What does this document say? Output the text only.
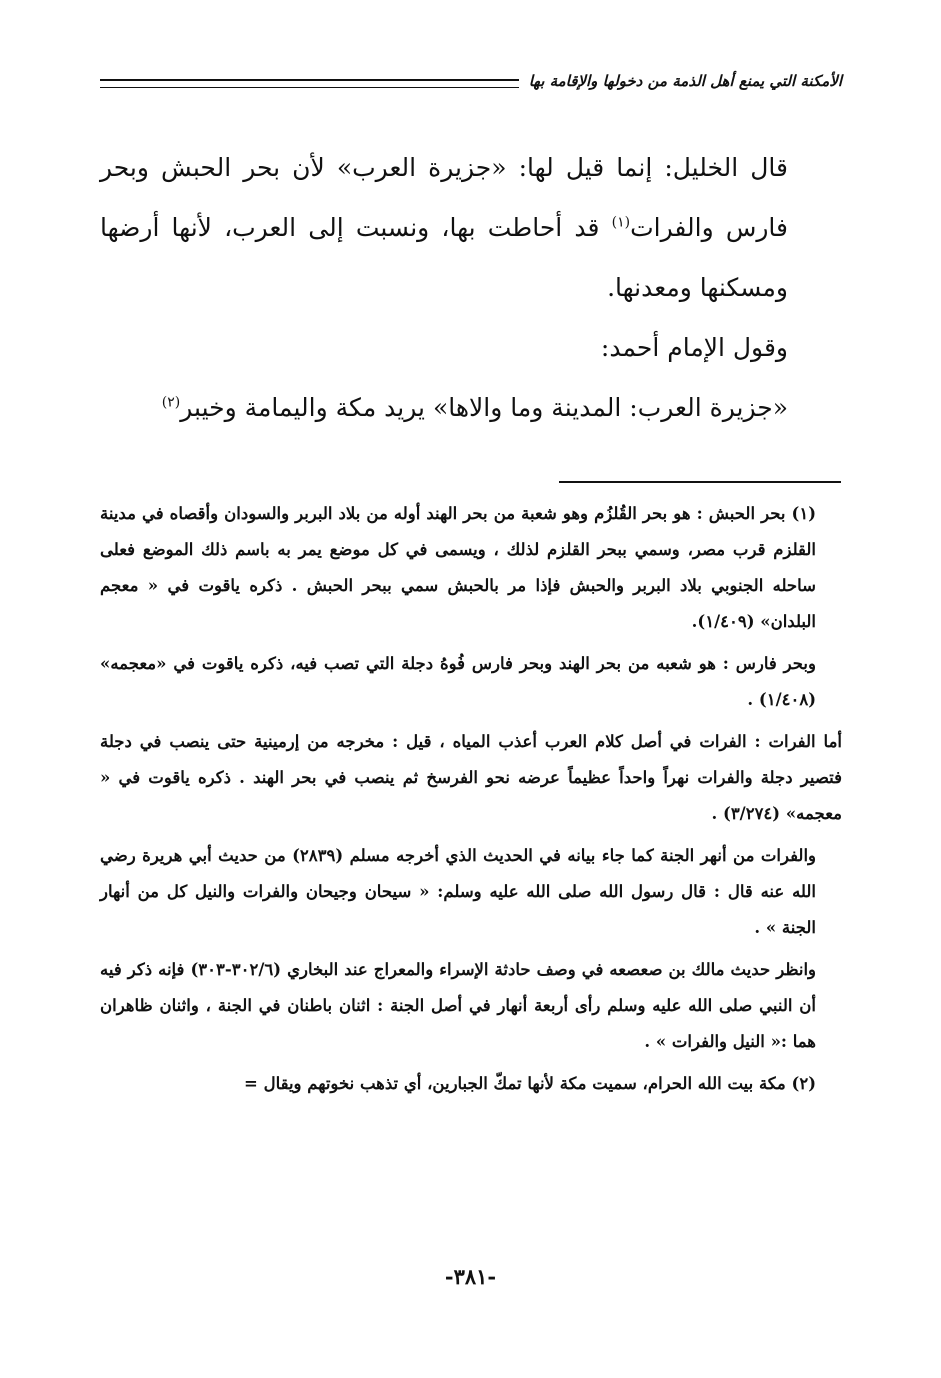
الأمكنة التي يمنع أهل الذمة من دخولها والإقامة بها

قال الخليل: إنما قيل لها: «جزيرة العرب» لأن بحر الحبش وبحر فارس والفرات$^{(١)}$ قد أحاطت بها، ونسبت إلى العرب، لأنها أرضها ومسكنها ومعدنها.

وقول الإمام أحمد:

«جزيرة العرب: المدينة وما والاها» يريد مكة واليمامة وخيبر$^{(٢)}$

(١) بحر الحبش : هو بحر القُلزُم وهو شعبة من بحر الهند أوله من بلاد البربر والسودان وأقصاه في مدينة القلزم قرب مصر، وسمي ببحر القلزم لذلك ، ويسمى في كل موضع يمر به باسم ذلك الموضع فعلى ساحله الجنوبي بلاد البربر والحبش فإذا مر بالحبش سمي ببحر الحبش . ذكره ياقوت في « معجم البلدان» (١/٤٠٩).

وبحر فارس : هو شعبه من بحر الهند وبحر فارس فُوهُ دجلة التي تصب فيه، ذكره ياقوت في «معجمه» (١/٤٠٨) .

أما الفرات : الفرات في أصل كلام العرب أعذب المياه ، قيل : مخرجه من إرمينية حتى ينصب في دجلة فتصير دجلة والفرات نهراً واحداً عظيماً عرضه نحو الفرسخ ثم ينصب في بحر الهند . ذكره ياقوت في « معجمه» (٣/٢٧٤) .

والفرات من أنهر الجنة كما جاء بيانه في الحديث الذي أخرجه مسلم (٢٨٣٩) من حديث أبي هريرة رضي الله عنه قال : قال رسول الله صلى الله عليه وسلم: « سيحان وجيحان والفرات والنيل كل من أنهار الجنة » .

وانظر حديث مالك بن صعصعه في وصف حادثة الإسراء والمعراج عند البخاري (٣٠٢/٦-٣٠٣) فإنه ذكر فيه أن النبي صلى الله عليه وسلم رأى أربعة أنهار في أصل الجنة : اثنان باطنان في الجنة ، واثنان ظاهران هما :« النيل والفرات » .

(٢) مكة بيت الله الحرام، سميت مكة لأنها تمكّ الجبارين، أي تذهب نخوتهم ويقال =

-٣٨١-
